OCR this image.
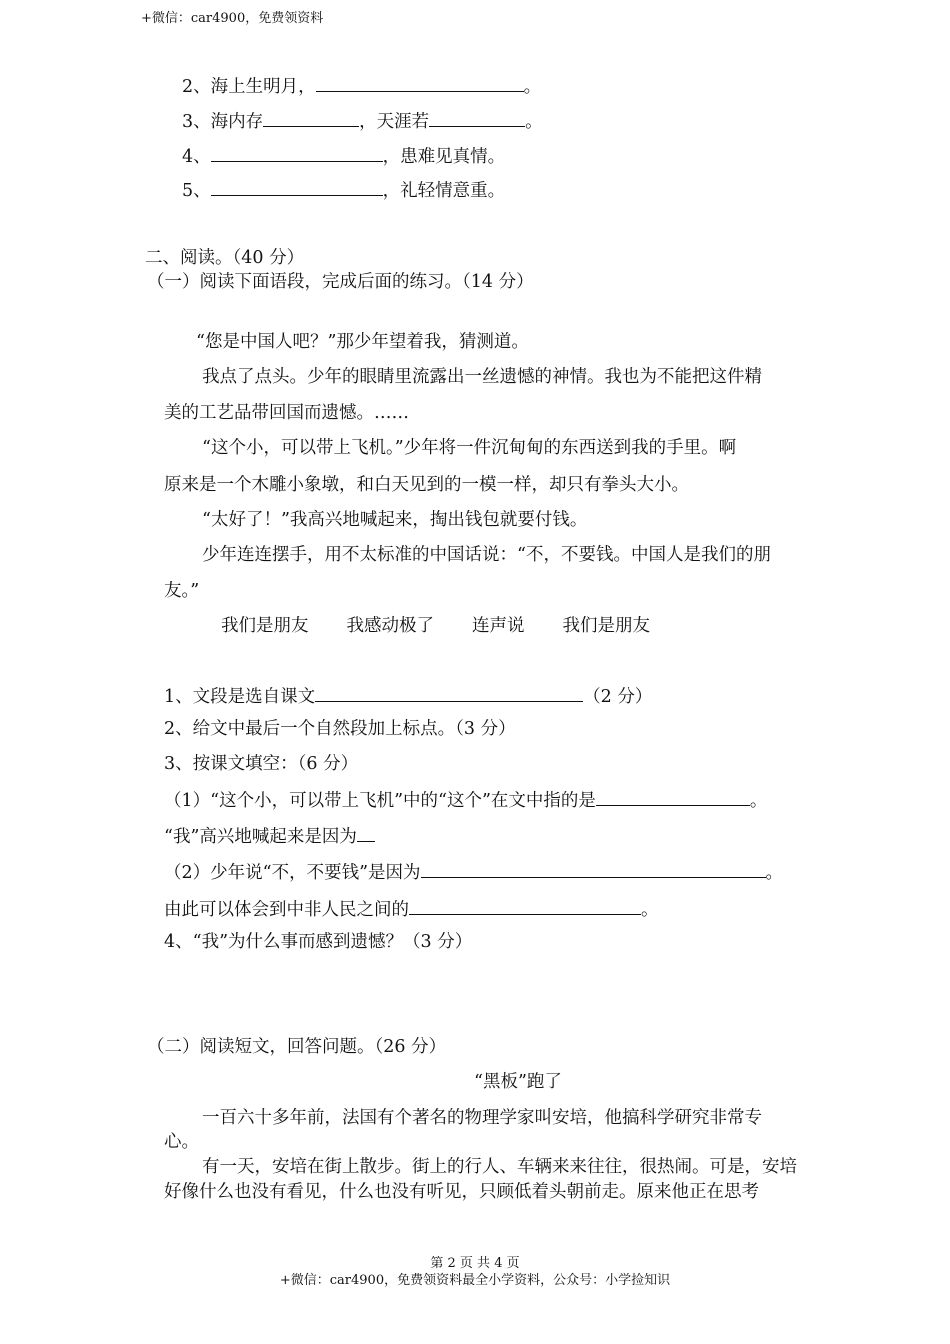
+微信：car4900，免费领资料
2、海上生明月，	。
3、海内存	，天涯若	。
4、	，患难见真情。
5、	，礼轻情意重。
二、阅读。（40 分）
（一）阅读下面语段，完成后面的练习。（14 分）
“您是中国人吧？”那少年望着我，猜测道。
我点了点头。少年的眼睛里流露出一丝遗憾的神情。我也为不能把这件精
美的工艺品带回国而遗憾。……
“这个小，可以带上飞机。”少年将一件沉甸甸的东西送到我的手里。啊
原来是一个木雕小象墩，和白天见到的一模一样，却只有拳头大小。
“太好了！”我高兴地喊起来，掏出钱包就要付钱。
少年连连摆手，用不太标准的中国话说：“不，不要钱。中国人是我们的朋
友。”
我们是朋友 我感动极了 连声说 我们是朋友
1、文段是选自课文	（2 分）
2、给文中最后一个自然段加上标点。（3 分）
3、按课文填空：（6 分）
（1）“这个小，可以带上飞机”中的“这个”在文中指的是	。
“我”高兴地喊起来是因为
（2）少年说“不，不要钱”是因为	。
由此可以体会到中非人民之间的	。
4、“我”为什么事而感到遗憾？（3 分）
（二）阅读短文，回答问题。（26 分）
“黑板”跑了
一百六十多年前，法国有个著名的物理学家叫安培，他搞科学研究非常专
心。
有一天，安培在街上散步。街上的行人、车辆来来往往，很热闹。可是，安培
好像什么也没有看见，什么也没有听见，只顾低着头朝前走。原来他正在思考
第 2 页 共 4 页
+微信：car4900，免费领资料最全小学资料，公众号：小学捡知识
